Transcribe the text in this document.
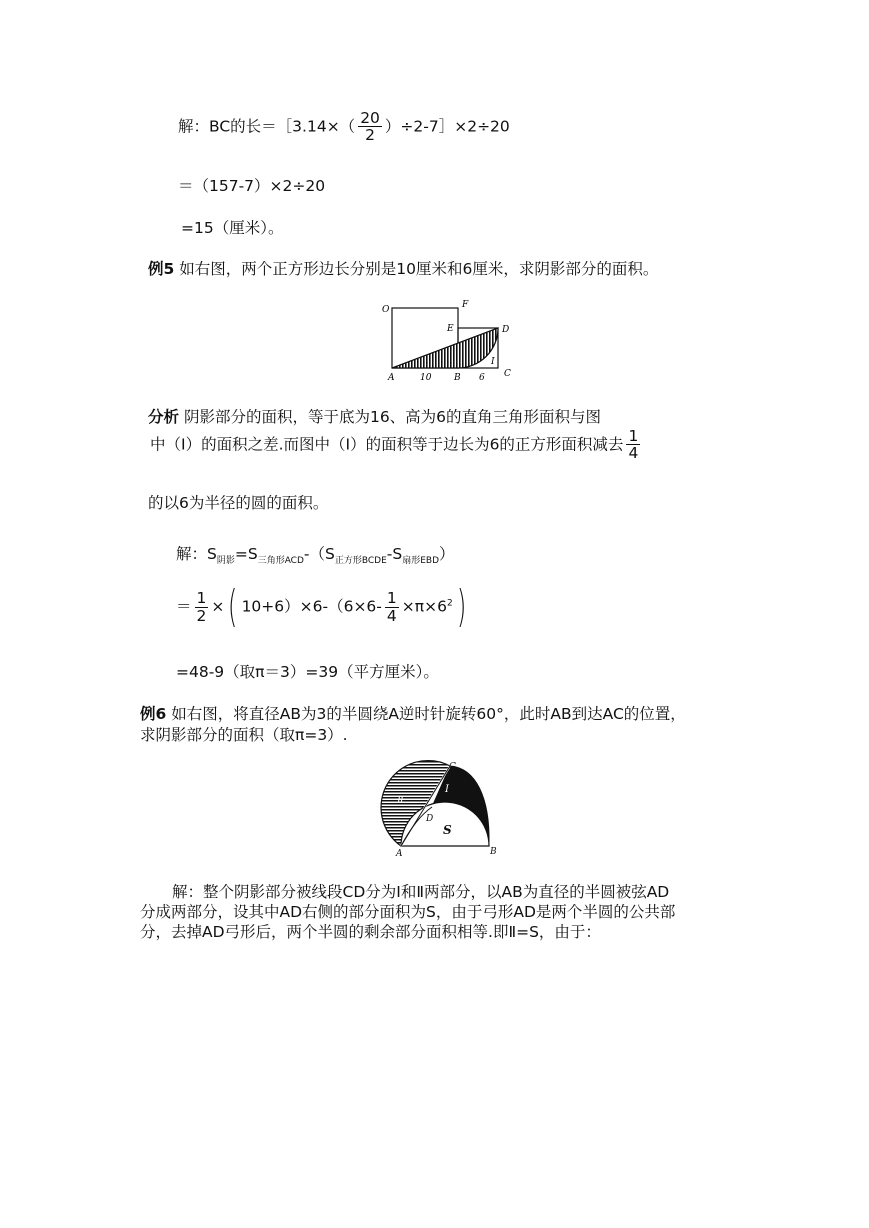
解：BC的长＝［3.14×（ $\frac{20}{2}$ ）÷2-7］×2÷20
＝（157-7）×2÷20
=15（厘米）。
例5 如右图，两个正方形边长分别是10厘米和6厘米，求阴影部分的面积。
O	F
E	D
I
A	10	B 6 C
分析 阴影部分的面积，等于底为16、高为6的直角三角形面积与图
中（Ⅰ）的面积之差.而图中（Ⅰ）的面积等于边长为6的正方形面积减去 $\frac{1}{4}$
的以6为半径的圆的面积。
解：$S_{阴影}=S_{三角形ACD}-(S_{正方形BCDE}-S_{扇形EBD})$
＝ $\frac{1}{2}$ ×( $10+6)\times 6-(6\times 6- \frac{1}{4} \times\pi\times 6^2)$
=48-9（取π＝3）=39（平方厘米）。
例6 如右图，将直径AB为3的半圆绕A逆时针旋转60°，此时AB到达AC的位置，
求阴影部分的面积（取π=3）.
C
Ⅱ
Ⅰ
D
S
A	B
解：整个阴影部分被线段CD分为Ⅰ和Ⅱ两部分，以AB为直径的半圆被弦AD
分成两部分，设其中AD右侧的部分面积为S，由于弓形AD是两个半圆的公共部
分，去掉AD弓形后，两个半圆的剩余部分面积相等.即Ⅱ=S，由于：
